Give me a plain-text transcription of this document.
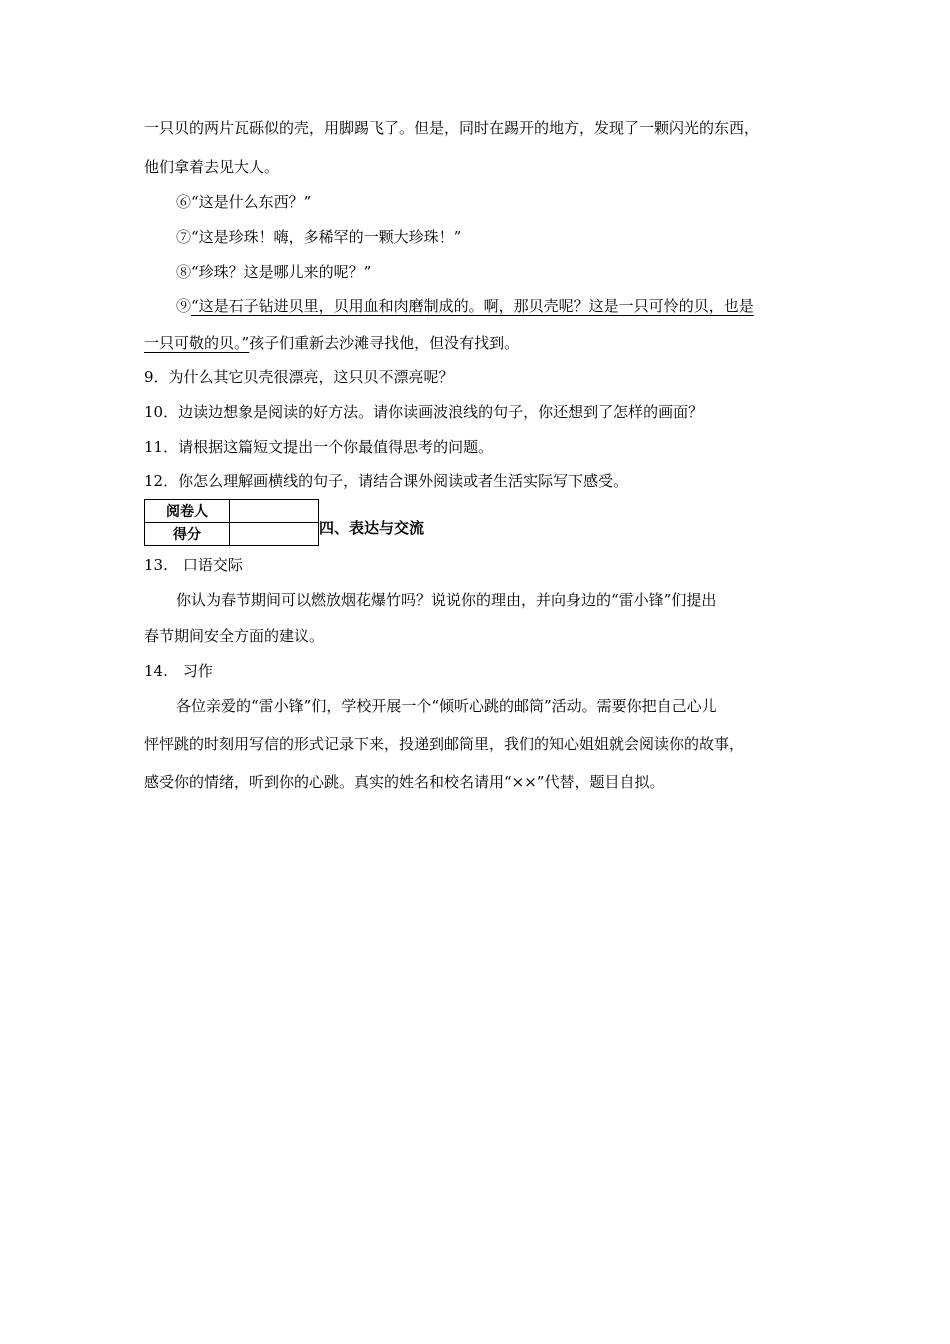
一只贝的两片瓦砾似的壳，用脚踢飞了。但是，同时在踢开的地方，发现了一颗闪光的东西，
他们拿着去见大人。
⑥“这是什么东西？”
⑦“这是珍珠！嗨，多稀罕的一颗大珍珠！”
⑧“珍珠？这是哪儿来的呢？”
⑨“这是石子钻进贝里，贝用血和肉磨制成的。啊，那贝壳呢？这是一只可怜的贝，也是
一只可敬的贝。”孩子们重新去沙滩寻找他，但没有找到。
9．为什么其它贝壳很漂亮，这只贝不漂亮呢？
10．边读边想象是阅读的好方法。请你读画波浪线的句子，你还想到了怎样的画面？
11．请根据这篇短文提出一个你最值得思考的问题。
12．你怎么理解画横线的句子，请结合课外阅读或者生活实际写下感受。
阅卷人	
得分		四、表达与交流
13.　口语交际
你认为春节期间可以燃放烟花爆竹吗？说说你的理由，并向身边的“雷小锋”们提出
春节期间安全方面的建议。
14.　习作
各位亲爱的“雷小锋”们，学校开展一个“倾听心跳的邮筒”活动。需要你把自己心儿
怦怦跳的时刻用写信的形式记录下来，投递到邮筒里，我们的知心姐姐就会阅读你的故事，
感受你的情绪，听到你的心跳。真实的姓名和校名请用“××”代替，题目自拟。
